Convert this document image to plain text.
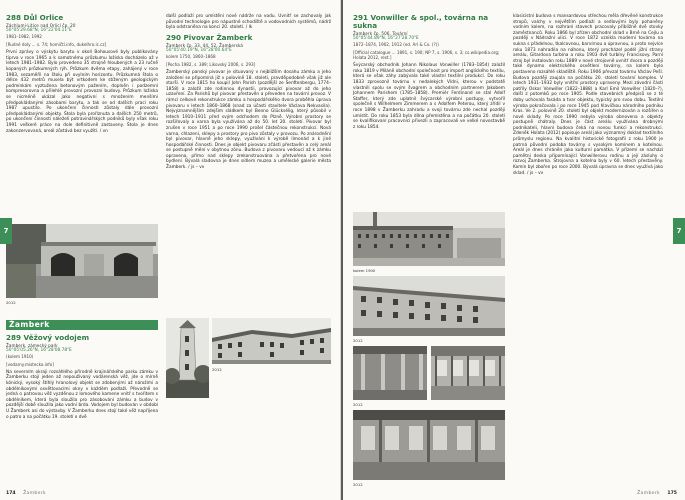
288 Důl Orlice
Záchlumí-Litice nad Orlicí čp. 20
50°05'29.68"N, 16°22'04.11"E
1981–1982, 1992
[Rudné doly ... s. 74; homičtí.info, dukelhro.ic.cz]

První zprávy o výskytu barytu v okolí Bohousové byly publikovány tiprva v roce 1965 a k samotnému průzkumu ložiska docházelo až v letech 1981–1982. Bylo provedeno 35 strojně hloubených a 23 ručně kopaných průzkumných rýh. Průzkum dvěma etapy, zahájený v roce 1983, sezaměřil na štolu při ovylním horizontu. Průzkumná štola o délce 432 metrů musela být vrtkodem ke stíženým geologickým podmínkám vyztužena betonovým pažením, doplněn i podzemní kompresorovna a přilehlé provozní provozní budovy. Průzkum ložiska se nicméně ukázal jako negativní s množením menšími předpokládanými zásobami barytu, a tak se od dalších prací roku 1987 upustilo. Po ukončení činnosti zůstaly dále provozní předpokládanými objekty. Štola byla proříznuta a dalších 250 metrů, po ukončení činnosti náleželi potravinářských podniků byly však roku 1991 veškeré práce na dole definitivně zastaveny. Štola je dnes zakonzervovaná, areál zůstává bez využití. / vn

2012
Žamberk
289 Věžový vodojem
Žamberk, zámecký park
50°05'05.26"N, 16°28'08.78"E
(kolem 1910)
[vodarny.mistecko.info]

Na severním okraji rozsáhlého přírodně krajinářského parku zámku v Žamberku stojí jeden až nepoužívaný vodárenská věž, jde o mírně kónický, vysoký štíhlý hranolový objekt se zdobenými až nárožími a obdélníkovými osvětlovacími okny v každém podlaží. Převodně se jedná o patrovou věž vyzděnou z lomového kamene vnitř s tvořitem s obdélníkem, která byla sloužila pro zásobování zámku a budov v pozdější době sloužila jako vodní brda. Vodojem byl budován v období U Žamberk asi do výstavby. V Žamberku dnes stojí také věž napříjena o patro a na počátku 19. století o dvě

další podlaží pro umístění nové nádrže na vodu. Uvnitř se zachovaly jak původní technologie pro nápustné schodiště a vodovodních systémů, nádrž byla odstraněna na konci 20. století. / lk

290 Pivovar Žamberk
Žamberk čp. 33, 44, 52, Žamberská
50°05'40.19"N, 16°28'00.64"E
kolem 1750, 1860–1868
[Pocha 1982, s. 389; Likovský 2006, s. 293]

Žamberský panský pivovar je situovaný v nejbližším dosahu zámku a jeho založení se připomíná již v polovině 18. století, pravděpodobně však již ale starší. V roce 1815 ho koupil John Parish (pozdější ze Senftenbergu, 1774–1858) a založil zde rodinnou dynastii, provozující pivovar až do jeho uzavření. Za Parishů byl pivovar přestavěn a převeden na tovární provoz. V rámci celkové rekonstrukce zámku a hospodářského dvora proběhla úprava pivovaru v letech 1860–1868 (snad za účasti stavitele Václava Nekvasila). Nejvýznamnějším zdejším sládkem byl Benno Glücksélig, který působil v letech 1910–1911 před svým odchodem do Plzně. Výrobní prostory se rozšiřovaly a varna byla využívána až do 50. let 20. století. Pivovar byl zrušen v roce 1951 a po roce 1990 prošel částečnou rekonstrukcí. Nová varna, chlazení, sklepy a prostory pro pivo zůstaly v provozu. Po znárodnění byl pivovar, hlavně jeho sklepy, využíváni k výrobě limonád a k jiné hospodářské činnosti. Dnes je objekt pivovaru zčásti přestavěn a celý areál se postupně mění v obytnou zónu. Budova z pivovaru vedoucí až k zámku opravena, přímo nad sklepy zrekonstruována a přetvořena pro nové bydlení. Bývalá sladovna je dnes sídlem muzea a umělecké galerie města Žamberk. / js – vv

2012
7
174 Žamberk
291 Vonwiller & spol., továrna na sukna
Žamberk čp. 506, Tovární
50°05'44.89"N, 16°27'28.70"E
1872–1874, 1902, 1912 (ed. Arl & Co. (?))
[Official catalogue ... 1891, s. 190; NP 7, s. 1906, s. 3; cs.wikipedia.org; Holata 2012, rest.]

Švýcarský obchodník Johann Nikolaus Vonwiller (1783–1854) založil roku 1819 v Miláně obchodní společnost pro import anglického textilu, která se však záhy zabývala také vlastní textilní produkcí. Do roku 1833 zprovoznil továrnu v nedalekých Vídni, kterou v podstatě vlastnili spolu se svým švagrem a obchodním partnerem Jakobem Johannem Parishem (1785–1858). Premiér Ferdinand se stal Adolf Staffer, který zde uplatnil švýcarské výrobní postupy, vytvořil společně s Wilhelmem Zimmerem a s Adolfem Peterou, který zřídil v roce 1898 v Žamberku zahradu a svoji továrnu zde nechal později umístit. Do roku 1853 byla dílna přemístěna a na počátku 20. století se kvalifikovaní pracovníci přivezli a zapracovali ve velké novostavbě z roku 1854.

kolem 1900
2012
2012
2012

klasicistní budova s mansardovou střechou měla dřevěné konstrukce stropů, valchy v největším podlaží a sedlovými byly pohaněny vodním kolem, na rozhraní stavech pracovaly přibližně dvě stovky zaměstnanců. Roku 1866 byl zřízen obchodní sklad v Brně na Cejlu a později v Nádražní ulici. V roce 1872 vznikla moderní továrna na sukna s přádelnou, tkalcovnou, barvírnou a úpravnou, a proto nejvíce roku 1873 nahradila na náhonu, který procházel podél jižní strany areálu, Gitardova turbína a roku 1903 dvě turbíny Francisovy. Parní stroj byl instalován roku 1889 v nové strojovně uvnitř dvora a později také dynamo elektrického osvětlení továrny, na kolem bylo postaveno rozsáhlé skladiště. Roku 1906 převzal továrnu Václav Pešl. Budova později zaujala na počátku 20. století tovární komplex. V letech 1931–1932 byly vnitřní prostory upraveny. Mezi závodní části patřily Oskar Vonwiller (1822–1888) a Karl Emil Vonwiller (1820–?), další z potomků po roce 1905. Podle stavebních předpisů se z té doby uchovala fasáda a tvar objektu, typický pro svou dobu. Textilní výroba pokračovala i po roce 1945 pod hlavičkou národního podniku Kras. Ve 2. polovině 20. století byl objekt modernizován a rozšířen o nové sklady. Po roce 1990 nebyla výroba obnovena a objekty postupně chátraly. Dnes je část areálu využívána drobnými podnikateli, hlavní budova čeká na novou funkci a rekonstrukci. Zdeněk Holata (2012) popisuje areál jako významný doklad textilního průmyslu regionu. Na kvalitní historické fotografii z roku 1900 je patrná původní podoba továrny s vysokým komínem a kotelnou. Areál je dnes chráněn jako kulturní památka. V přízemí se nachází pamětní deska připomínající Vonwillerovu rodinu a její zásluhy o rozvoj Žamberka. Strojovna a kotelna byly v 60. letech přestavěny. Komín byl zbořen po roce 2000. Bývalá úpravna se dnes využívá jako sklad. / js – vv

7
Žamberk 175
